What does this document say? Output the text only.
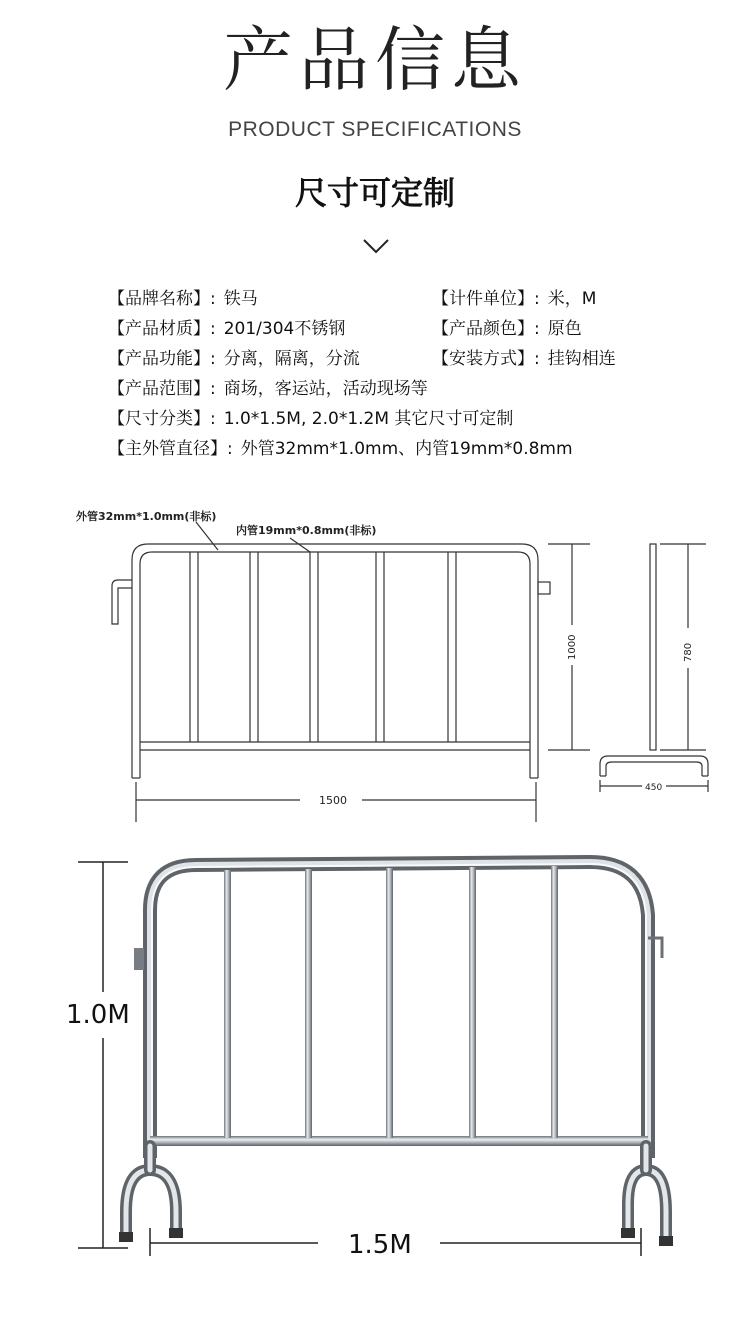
产品信息
PRODUCT SPECIFICATIONS
尺寸可定制
【品牌名称】: 铁马	【计件单位】: 米，M
【产品材质】: 201/304不锈钢	【产品颜色】: 原色
【产品功能】: 分离，隔离，分流	【安装方式】: 挂钩相连
【产品范围】: 商场，客运站，活动现场等
【尺寸分类】: 1.0*1.5M, 2.0*1.2M 其它尺寸可定制
【主外管直径】: 外管32mm*1.0mm、内管19mm*0.8mm
外管32mm*1.0mm(非标)
内管19mm*0.8mm(非标)
1000
1500
780
450
1.0M
1.5M
